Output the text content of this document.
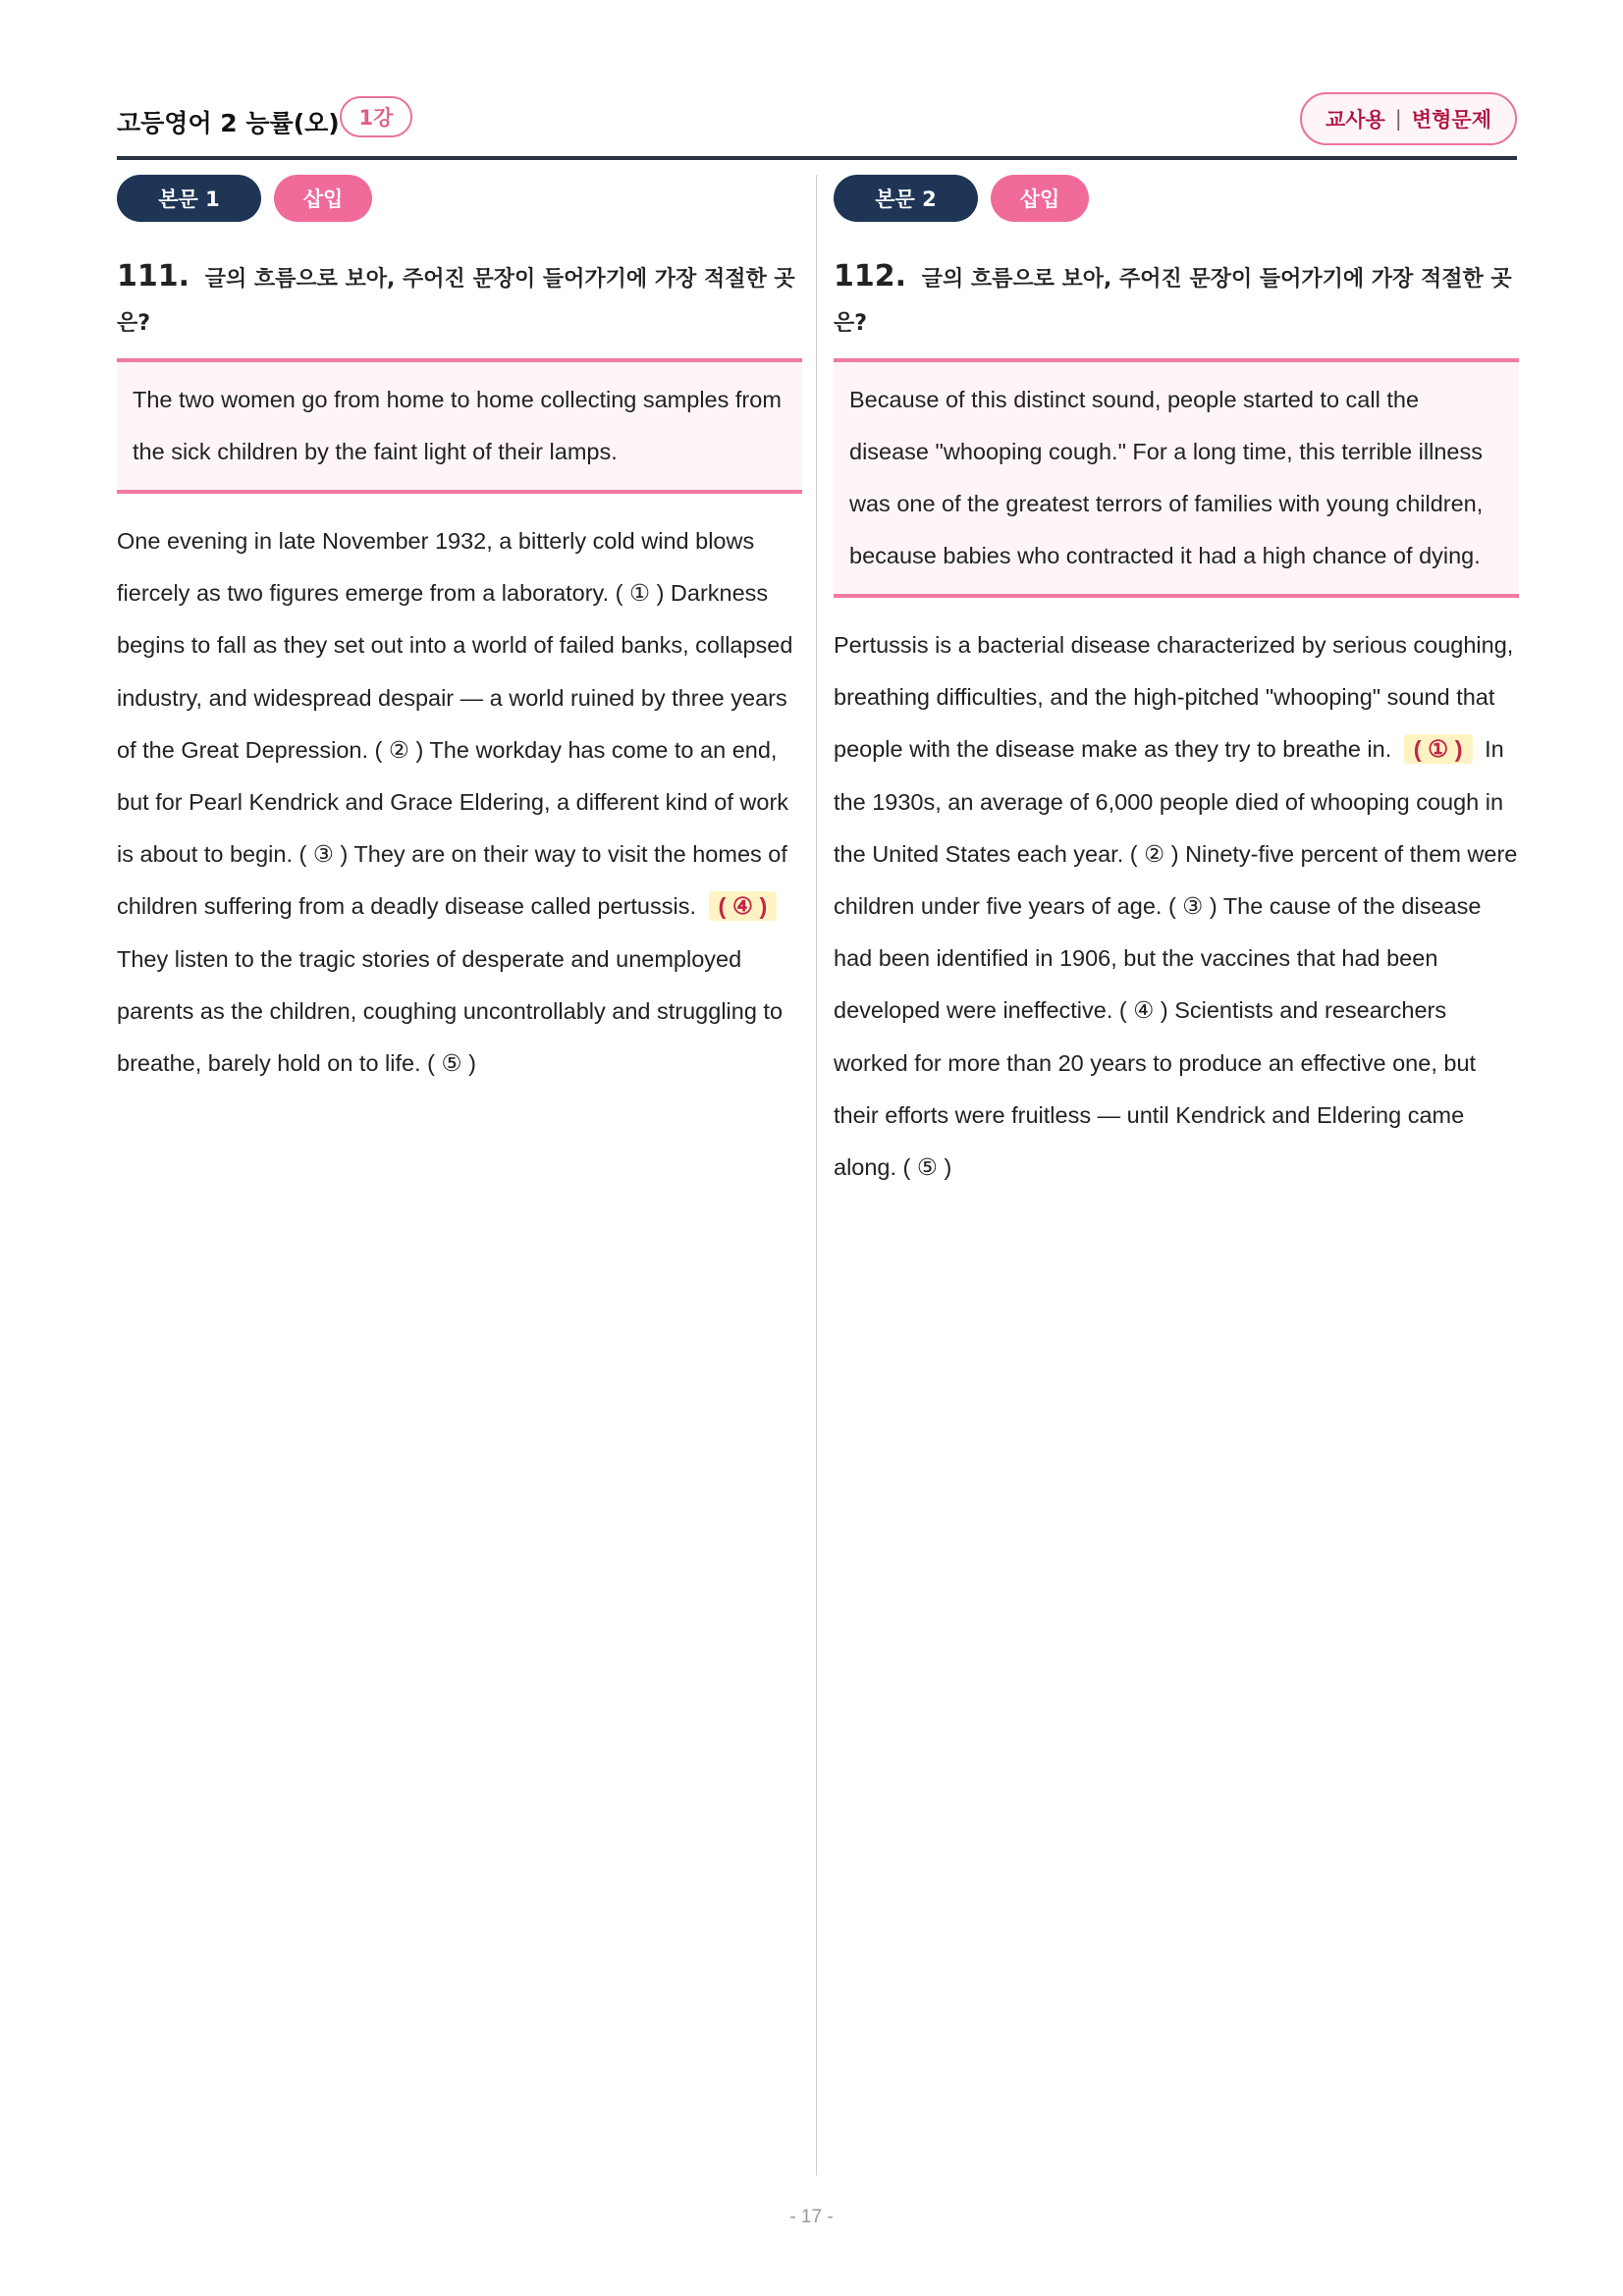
고등영어 2 능률(오) 1강	교사용 | 변형문제
본문 1	삽입
111. 글의 흐름으로 보아, 주어진 문장이 들어가기에 가장 적절한 곳은?
The two women go from home to home collecting samples from the sick children by the faint light of their lamps.
One evening in late November 1932, a bitterly cold wind blows fiercely as two figures emerge from a laboratory. ( ① ) Darkness begins to fall as they set out into a world of failed banks, collapsed industry, and widespread despair — a world ruined by three years of the Great Depression. ( ② ) The workday has come to an end, but for Pearl Kendrick and Grace Eldering, a different kind of work is about to begin. ( ③ ) They are on their way to visit the homes of children suffering from a deadly disease called pertussis. ( ④ ) They listen to the tragic stories of desperate and unemployed parents as the children, coughing uncontrollably and struggling to breathe, barely hold on to life. ( ⑤ )
본문 2	삽입
112. 글의 흐름으로 보아, 주어진 문장이 들어가기에 가장 적절한 곳은?
Because of this distinct sound, people started to call the disease "whooping cough." For a long time, this terrible illness was one of the greatest terrors of families with young children, because babies who contracted it had a high chance of dying.
Pertussis is a bacterial disease characterized by serious coughing, breathing difficulties, and the high-pitched "whooping" sound that people with the disease make as they try to breathe in. ( ① ) In the 1930s, an average of 6,000 people died of whooping cough in the United States each year. ( ② ) Ninety-five percent of them were children under five years of age. ( ③ ) The cause of the disease had been identified in 1906, but the vaccines that had been developed were ineffective. ( ④ ) Scientists and researchers worked for more than 20 years to produce an effective one, but their efforts were fruitless — until Kendrick and Eldering came along. ( ⑤ )
- 17 -
